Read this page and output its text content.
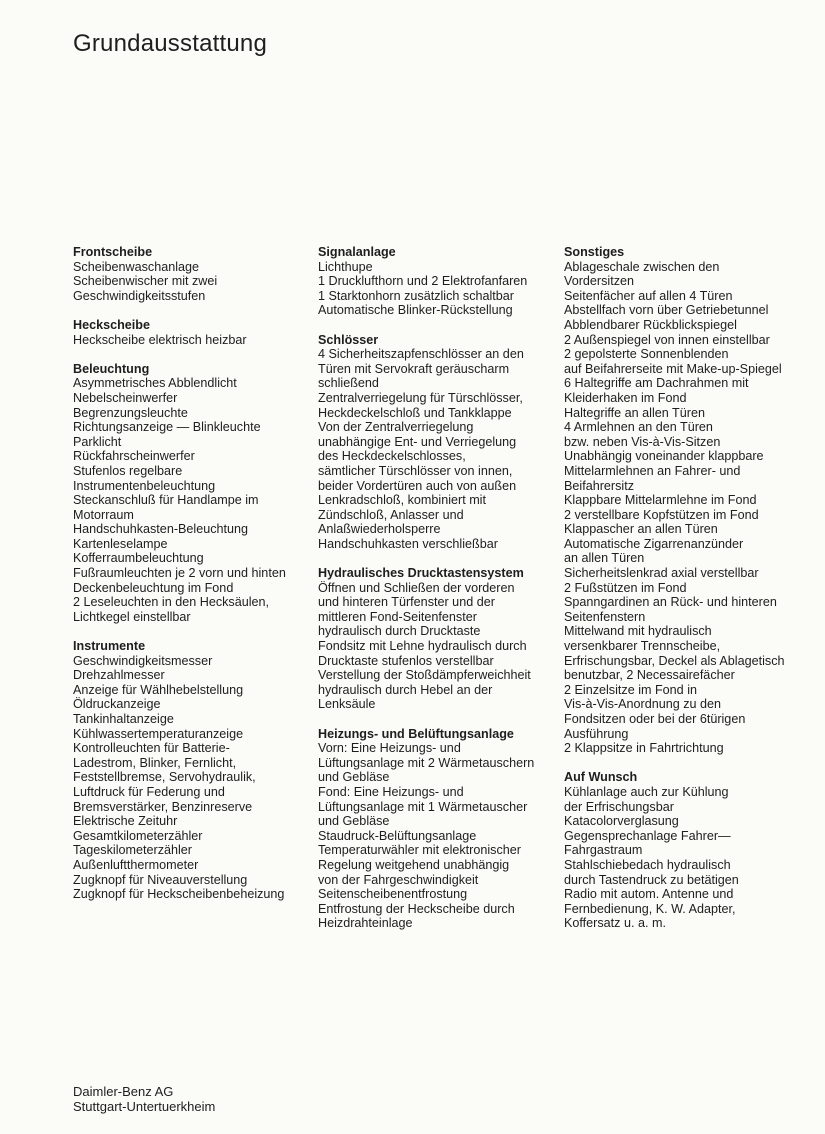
Grundausstattung
Frontscheibe
Scheibenwaschanlage
Scheibenwischer mit zwei
Geschwindigkeitsstufen
Heckscheibe
Heckscheibe elektrisch heizbar
Beleuchtung
Asymmetrisches Abblendlicht
Nebelscheinwerfer
Begrenzungsleuchte
Richtungsanzeige — Blinkleuchte
Parklicht
Rückfahrscheinwerfer
Stufenlos regelbare
Instrumentenbeleuchtung
Steckanschluß für Handlampe im
Motorraum
Handschuhkasten-Beleuchtung
Kartenleselampe
Kofferraumbeleuchtung
Fußraumleuchten je 2 vorn und hinten
Deckenbeleuchtung im Fond
2 Leseleuchten in den Hecksäulen,
Lichtkegel einstellbar
Instrumente
Geschwindigkeitsmesser
Drehzahlmesser
Anzeige für Wählhebelstellung
Öldruckanzeige
Tankinhaltanzeige
Kühlwassertemperaturanzeige
Kontrolleuchten für Batterie-
Ladestrom, Blinker, Fernlicht,
Feststellbremse, Servohydraulik,
Luftdruck für Federung und
Bremsverstärker, Benzinreserve
Elektrische Zeituhr
Gesamtkilometerzähler
Tageskilometerzähler
Außenluftthermometer
Zugknopf für Niveauverstellung
Zugknopf für Heckscheibenbeheizung
Signalanlage
Lichthupe
1 Drucklufthorn und 2 Elektrofanfaren
1 Starktonhorn zusätzlich schaltbar
Automatische Blinker-Rückstellung
Schlösser
4 Sicherheitszapfenschlösser an den
Türen mit Servokraft geräuscharm
schließend
Zentralverriegelung für Türschlösser,
Heckdeckelschloß und Tankklappe
Von der Zentralverriegelung
unabhängige Ent- und Verriegelung
des Heckdeckelschlosses,
sämtlicher Türschlösser von innen,
beider Vordertüren auch von außen
Lenkradschloß, kombiniert mit
Zündschloß, Anlasser und
Anlaßwiederholsperre
Handschuhkasten verschließbar
Hydraulisches Drucktastensystem
Öffnen und Schließen der vorderen
und hinteren Türfenster und der
mittleren Fond-Seitenfenster
hydraulisch durch Drucktaste
Fondsitz mit Lehne hydraulisch durch
Drucktaste stufenlos verstellbar
Verstellung der Stoßdämpferweichheit
hydraulisch durch Hebel an der
Lenksäule
Heizungs- und Belüftungsanlage
Vorn: Eine Heizungs- und
Lüftungsanlage mit 2 Wärmetauschern
und Gebläse
Fond: Eine Heizungs- und
Lüftungsanlage mit 1 Wärmetauscher
und Gebläse
Staudruck-Belüftungsanlage
Temperaturwähler mit elektronischer
Regelung weitgehend unabhängig
von der Fahrgeschwindigkeit
Seitenscheibenentfrostung
Entfrostung der Heckscheibe durch
Heizdrahteinlage
Sonstiges
Ablageschale zwischen den
Vordersitzen
Seitenfächer auf allen 4 Türen
Abstellfach vorn über Getriebetunnel
Abblendbarer Rückblickspiegel
2 Außenspiegel von innen einstellbar
2 gepolsterte Sonnenblenden
auf Beifahrerseite mit Make-up-Spiegel
6 Haltegriffe am Dachrahmen mit
Kleiderhaken im Fond
Haltegriffe an allen Türen
4 Armlehnen an den Türen
bzw. neben Vis-à-Vis-Sitzen
Unabhängig voneinander klappbare
Mittelarmlehnen an Fahrer- und
Beifahrersitz
Klappbare Mittelarmlehne im Fond
2 verstellbare Kopfstützen im Fond
Klappascher an allen Türen
Automatische Zigarrenanzünder
an allen Türen
Sicherheitslenkrad axial verstellbar
2 Fußstützen im Fond
Spanngardinen an Rück- und hinteren
Seitenfenstern
Mittelwand mit hydraulisch
versenkbarer Trennscheibe,
Erfrischungsbar, Deckel als Ablagetisch
benutzbar, 2 Necessairefächer
2 Einzelsitze im Fond in
Vis-à-Vis-Anordnung zu den
Fondsitzen oder bei der 6türigen
Ausführung
2 Klappsitze in Fahrtrichtung
Auf Wunsch
Kühlanlage auch zur Kühlung
der Erfrischungsbar
Katacolorverglasung
Gegensprechanlage Fahrer—
Fahrgastraum
Stahlschiebedach hydraulisch
durch Tastendruck zu betätigen
Radio mit autom. Antenne und
Fernbedienung, K. W. Adapter,
Koffersatz u. a. m.
Daimler-Benz AG
Stuttgart-Untertuerkheim
